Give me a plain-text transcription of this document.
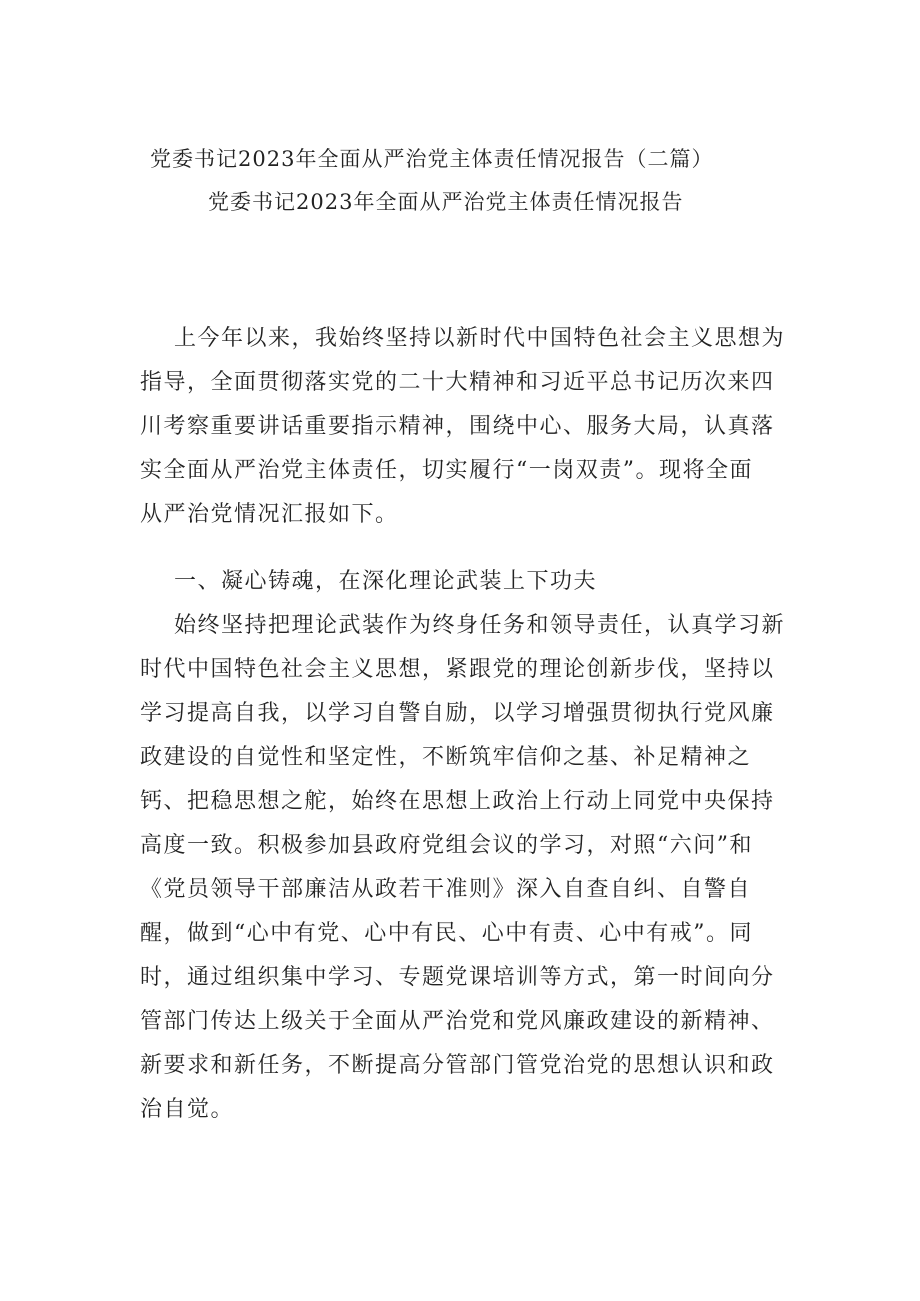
党委书记2023年全面从严治党主体责任情况报告（二篇）
党委书记2023年全面从严治党主体责任情况报告
上今年以来，我始终坚持以新时代中国特色社会主义思想为
指导，全面贯彻落实党的二十大精神和习近平总书记历次来四
川考察重要讲话重要指示精神，围绕中心、服务大局，认真落
实全面从严治党主体责任，切实履行“一岗双责”。现将全面
从严治党情况汇报如下。
一、凝心铸魂，在深化理论武装上下功夫
始终坚持把理论武装作为终身任务和领导责任，认真学习新
时代中国特色社会主义思想，紧跟党的理论创新步伐，坚持以
学习提高自我，以学习自警自励，以学习增强贯彻执行党风廉
政建设的自觉性和坚定性，不断筑牢信仰之基、补足精神之
钙、把稳思想之舵，始终在思想上政治上行动上同党中央保持
高度一致。积极参加县政府党组会议的学习，对照“六问”和
《党员领导干部廉洁从政若干准则》深入自查自纠、自警自
醒，做到“心中有党、心中有民、心中有责、心中有戒”。同
时，通过组织集中学习、专题党课培训等方式，第一时间向分
管部门传达上级关于全面从严治党和党风廉政建设的新精神、
新要求和新任务，不断提高分管部门管党治党的思想认识和政
治自觉。
